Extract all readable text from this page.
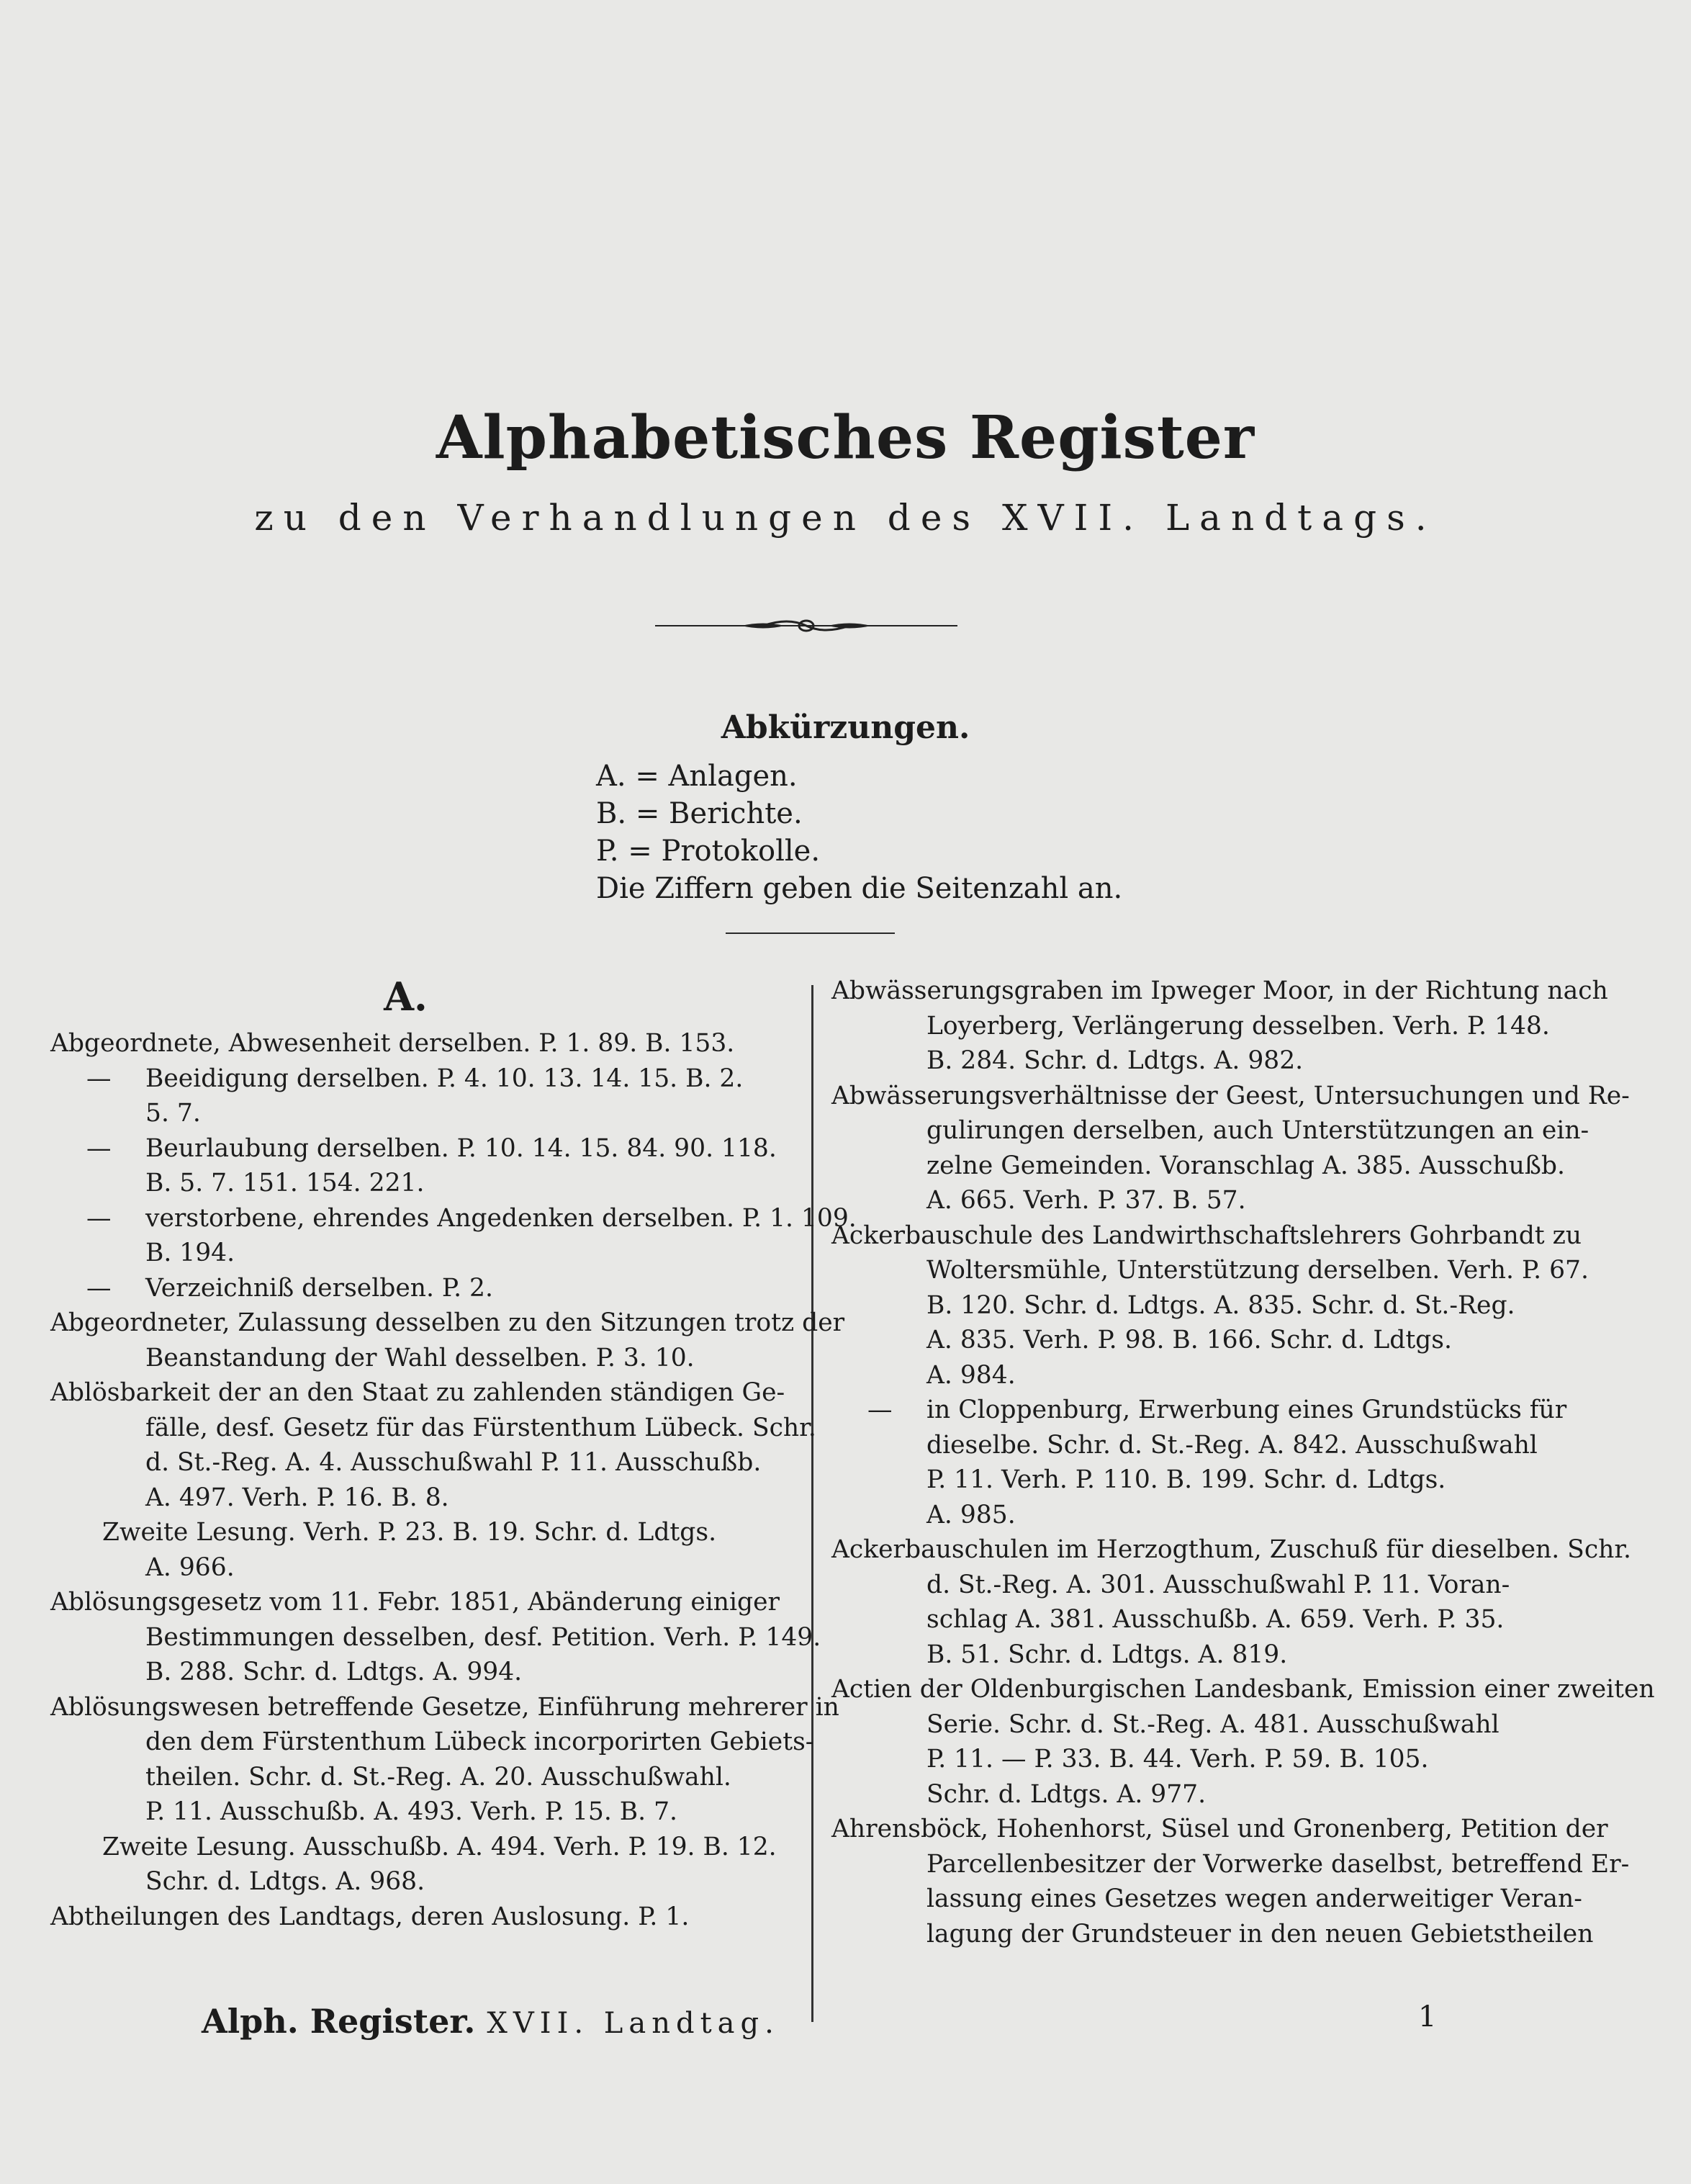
Alphabetisches Register
zu den Verhandlungen des XVII. Landtags.
Abkürzungen.
A. = Anlagen.
B. = Berichte.
P. = Protokolle.
Die Ziffern geben die Seitenzahl an.
A.
Abgeordnete, Abwesenheit derselben. P. 1. 89. B. 153.
— Beeidigung derselben. P. 4. 10. 13. 14. 15. B. 2.
5. 7.
— Beurlaubung derselben. P. 10. 14. 15. 84. 90. 118.
B. 5. 7. 151. 154. 221.
— verstorbene, ehrendes Angedenken derselben. P. 1. 109.
B. 194.
— Verzeichniß derselben. P. 2.
Abgeordneter, Zulassung desselben zu den Sitzungen trotz der
Beanstandung der Wahl desselben. P. 3. 10.
Ablösbarkeit der an den Staat zu zahlenden ständigen Ge-
fälle, desf. Gesetz für das Fürstenthum Lübeck. Schr.
d. St.-Reg. A. 4. Ausschußwahl P. 11. Ausschußb.
A. 497. Verh. P. 16. B. 8.
Zweite Lesung. Verh. P. 23. B. 19. Schr. d. Ldtgs.
A. 966.
Ablösungsgesetz vom 11. Febr. 1851, Abänderung einiger
Bestimmungen desselben, desf. Petition. Verh. P. 149.
B. 288. Schr. d. Ldtgs. A. 994.
Ablösungswesen betreffende Gesetze, Einführung mehrerer in
den dem Fürstenthum Lübeck incorporirten Gebiets-
theilen. Schr. d. St.-Reg. A. 20. Ausschußwahl.
P. 11. Ausschußb. A. 493. Verh. P. 15. B. 7.
Zweite Lesung. Ausschußb. A. 494. Verh. P. 19. B. 12.
Schr. d. Ldtgs. A. 968.
Abtheilungen des Landtags, deren Auslosung. P. 1.
Abwässerungsgraben im Ipweger Moor, in der Richtung nach
Loyerberg, Verlängerung desselben. Verh. P. 148.
B. 284. Schr. d. Ldtgs. A. 982.
Abwässerungsverhältnisse der Geest, Untersuchungen und Re-
gulirungen derselben, auch Unterstützungen an ein-
zelne Gemeinden. Voranschlag A. 385. Ausschußb.
A. 665. Verh. P. 37. B. 57.
Ackerbauschule des Landwirthschaftslehrers Gohrbandt zu
Woltersmühle, Unterstützung derselben. Verh. P. 67.
B. 120. Schr. d. Ldtgs. A. 835. Schr. d. St.-Reg.
A. 835. Verh. P. 98. B. 166. Schr. d. Ldtgs.
A. 984.
— in Cloppenburg, Erwerbung eines Grundstücks für
dieselbe. Schr. d. St.-Reg. A. 842. Ausschußwahl
P. 11. Verh. P. 110. B. 199. Schr. d. Ldtgs.
A. 985.
Ackerbauschulen im Herzogthum, Zuschuß für dieselben. Schr.
d. St.-Reg. A. 301. Ausschußwahl P. 11. Voran-
schlag A. 381. Ausschußb. A. 659. Verh. P. 35.
B. 51. Schr. d. Ldtgs. A. 819.
Actien der Oldenburgischen Landesbank, Emission einer zweiten
Serie. Schr. d. St.-Reg. A. 481. Ausschußwahl
P. 11. — P. 33. B. 44. Verh. P. 59. B. 105.
Schr. d. Ldtgs. A. 977.
Ahrensböck, Hohenhorst, Süsel und Gronenberg, Petition der
Parcellenbesitzer der Vorwerke daselbst, betreffend Er-
lassung eines Gesetzes wegen anderweitiger Veran-
lagung der Grundsteuer in den neuen Gebietstheilen
Alph. Register. XVII. Landtag.	1
